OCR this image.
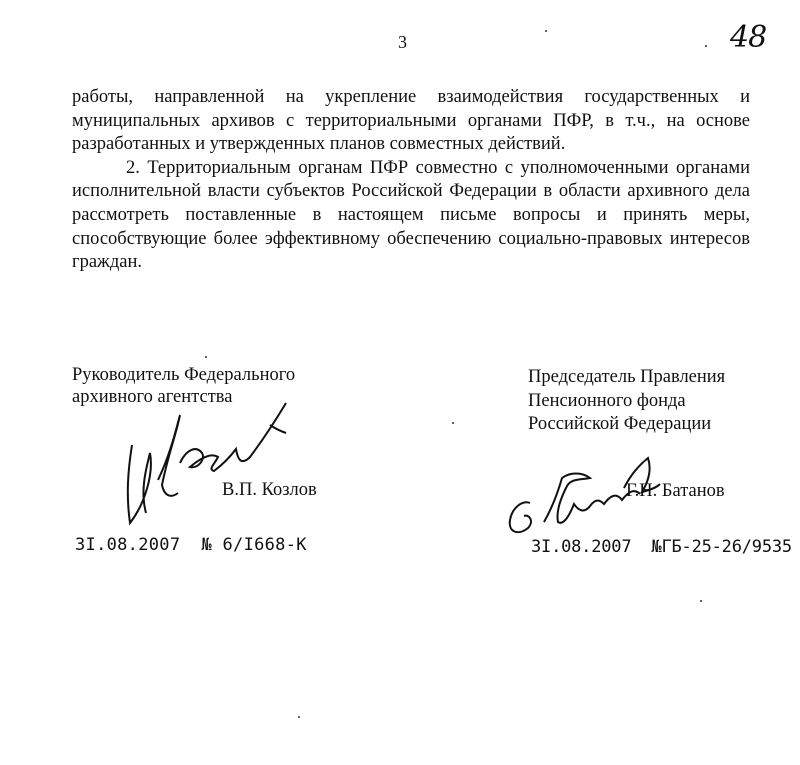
3	48

работы, направленной на укрепление взаимодействия государственных и муниципальных архивов с территориальными органами ПФР, в т.ч., на основе разработанных и утвержденных планов совместных действий.

2. Территориальным органам ПФР совместно с уполномоченными органами исполнительной власти субъектов Российской Федерации в области архивного дела рассмотреть поставленные в настоящем письме вопросы и принять меры, способствующие более эффективному обеспечению социально-правовых интересов граждан.

Руководитель Федерального
архивного агентства
Председатель Правления
Пенсионного фонда
Российской Федерации
В.П. Козлов	Г.Н. Батанов
3I.08.2007 № 6/I668-К	3I.08.2007 №ГБ-25-26/9535
